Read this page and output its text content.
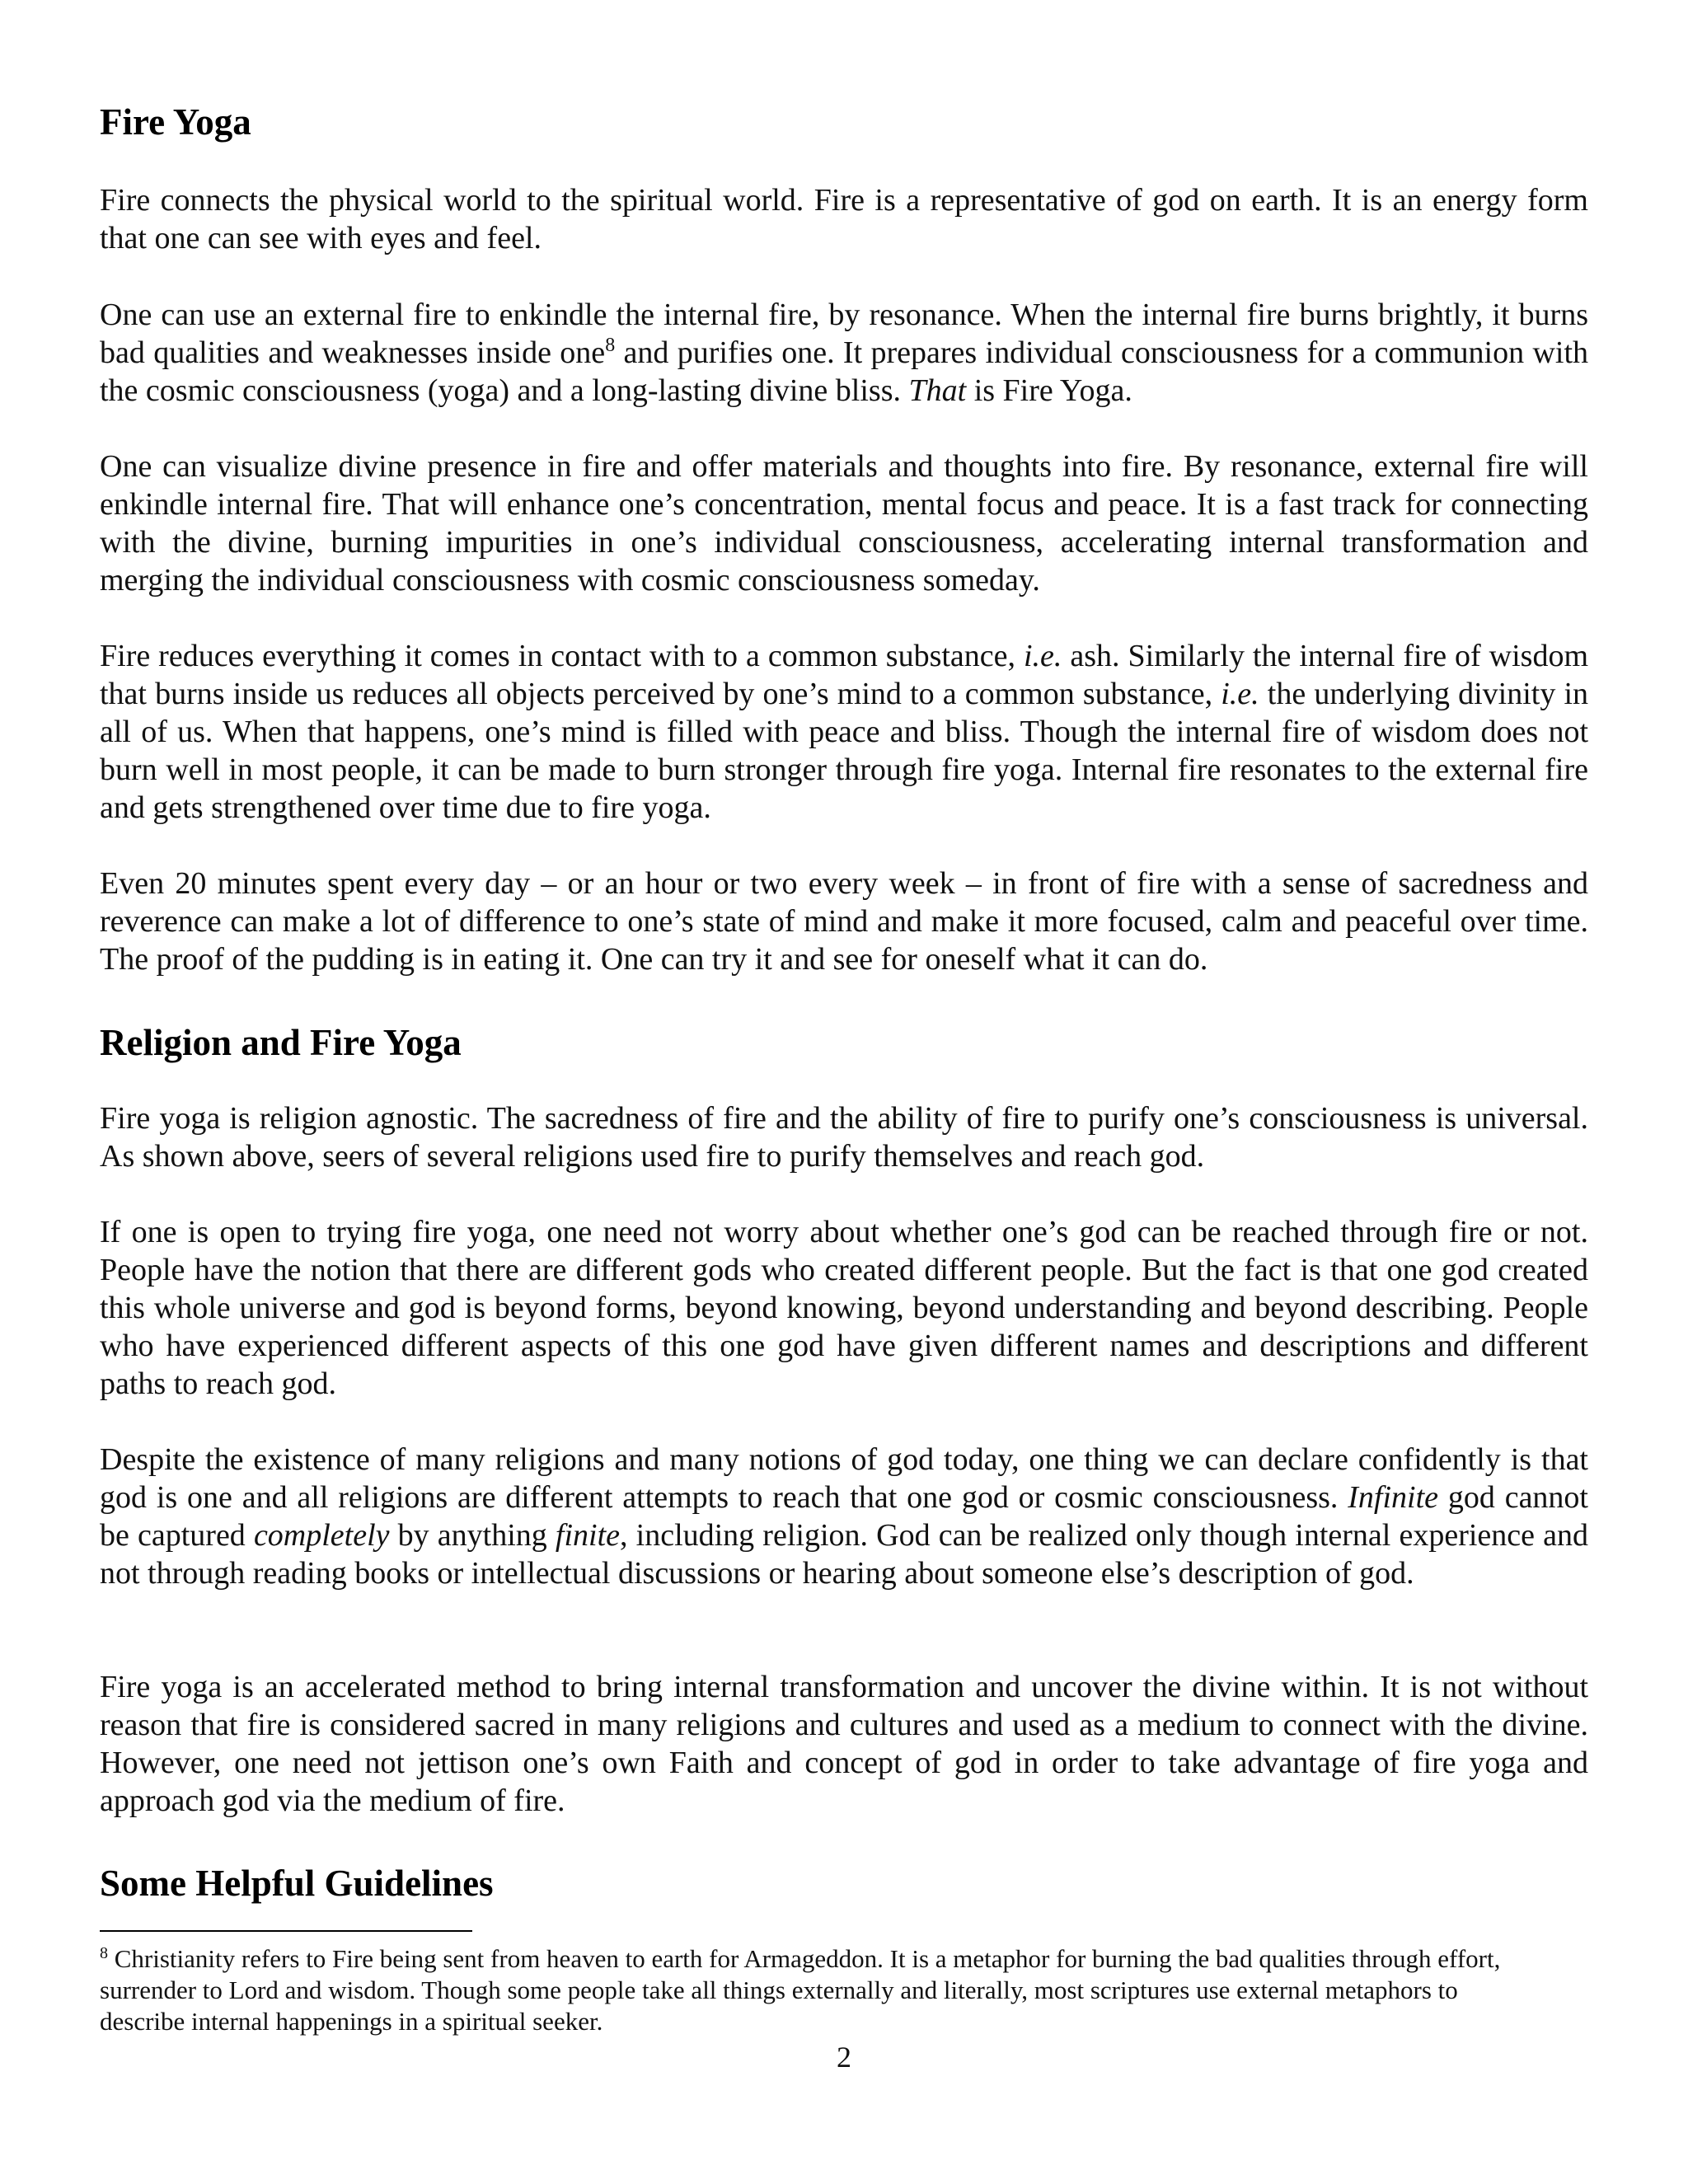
Fire Yoga

Fire connects the physical world to the spiritual world. Fire is a representative of god on earth. It is an energy form that one can see with eyes and feel.

One can use an external fire to enkindle the internal fire, by resonance. When the internal fire burns brightly, it burns bad qualities and weaknesses inside one$^8$ and purifies one. It prepares individual consciousness for a communion with the cosmic consciousness (yoga) and a long-lasting divine bliss. That is Fire Yoga.

One can visualize divine presence in fire and offer materials and thoughts into fire. By resonance, external fire will enkindle internal fire. That will enhance one’s concentration, mental focus and peace. It is a fast track for connecting with the divine, burning impurities in one’s individual consciousness, accelerating internal transformation and merging the individual consciousness with cosmic consciousness someday.

Fire reduces everything it comes in contact with to a common substance, i.e. ash. Similarly the internal fire of wisdom that burns inside us reduces all objects perceived by one’s mind to a common substance, i.e. the underlying divinity in all of us. When that happens, one’s mind is filled with peace and bliss. Though the internal fire of wisdom does not burn well in most people, it can be made to burn stronger through fire yoga. Internal fire resonates to the external fire and gets strengthened over time due to fire yoga.

Even 20 minutes spent every day – or an hour or two every week – in front of fire with a sense of sacredness and reverence can make a lot of difference to one’s state of mind and make it more focused, calm and peaceful over time. The proof of the pudding is in eating it. One can try it and see for oneself what it can do.

Religion and Fire Yoga

Fire yoga is religion agnostic. The sacredness of fire and the ability of fire to purify one’s consciousness is universal. As shown above, seers of several religions used fire to purify themselves and reach god.

If one is open to trying fire yoga, one need not worry about whether one’s god can be reached through fire or not. People have the notion that there are different gods who created different people. But the fact is that one god created this whole universe and god is beyond forms, beyond knowing, beyond understanding and beyond describing. People who have experienced different aspects of this one god have given different names and descriptions and different paths to reach god.

Despite the existence of many religions and many notions of god today, one thing we can declare confidently is that god is one and all religions are different attempts to reach that one god or cosmic consciousness. Infinite god cannot be captured completely by anything finite, including religion. God can be realized only though internal experience and not through reading books or intellectual discussions or hearing about someone else’s description of god.

Fire yoga is an accelerated method to bring internal transformation and uncover the divine within. It is not without reason that fire is considered sacred in many religions and cultures and used as a medium to connect with the divine. However, one need not jettison one’s own Faith and concept of god in order to take advantage of fire yoga and approach god via the medium of fire.

Some Helpful Guidelines

$^8$ Christianity refers to Fire being sent from heaven to earth for Armageddon. It is a metaphor for burning the bad qualities through effort, surrender to Lord and wisdom. Though some people take all things externally and literally, most scriptures use external metaphors to describe internal happenings in a spiritual seeker.

2
